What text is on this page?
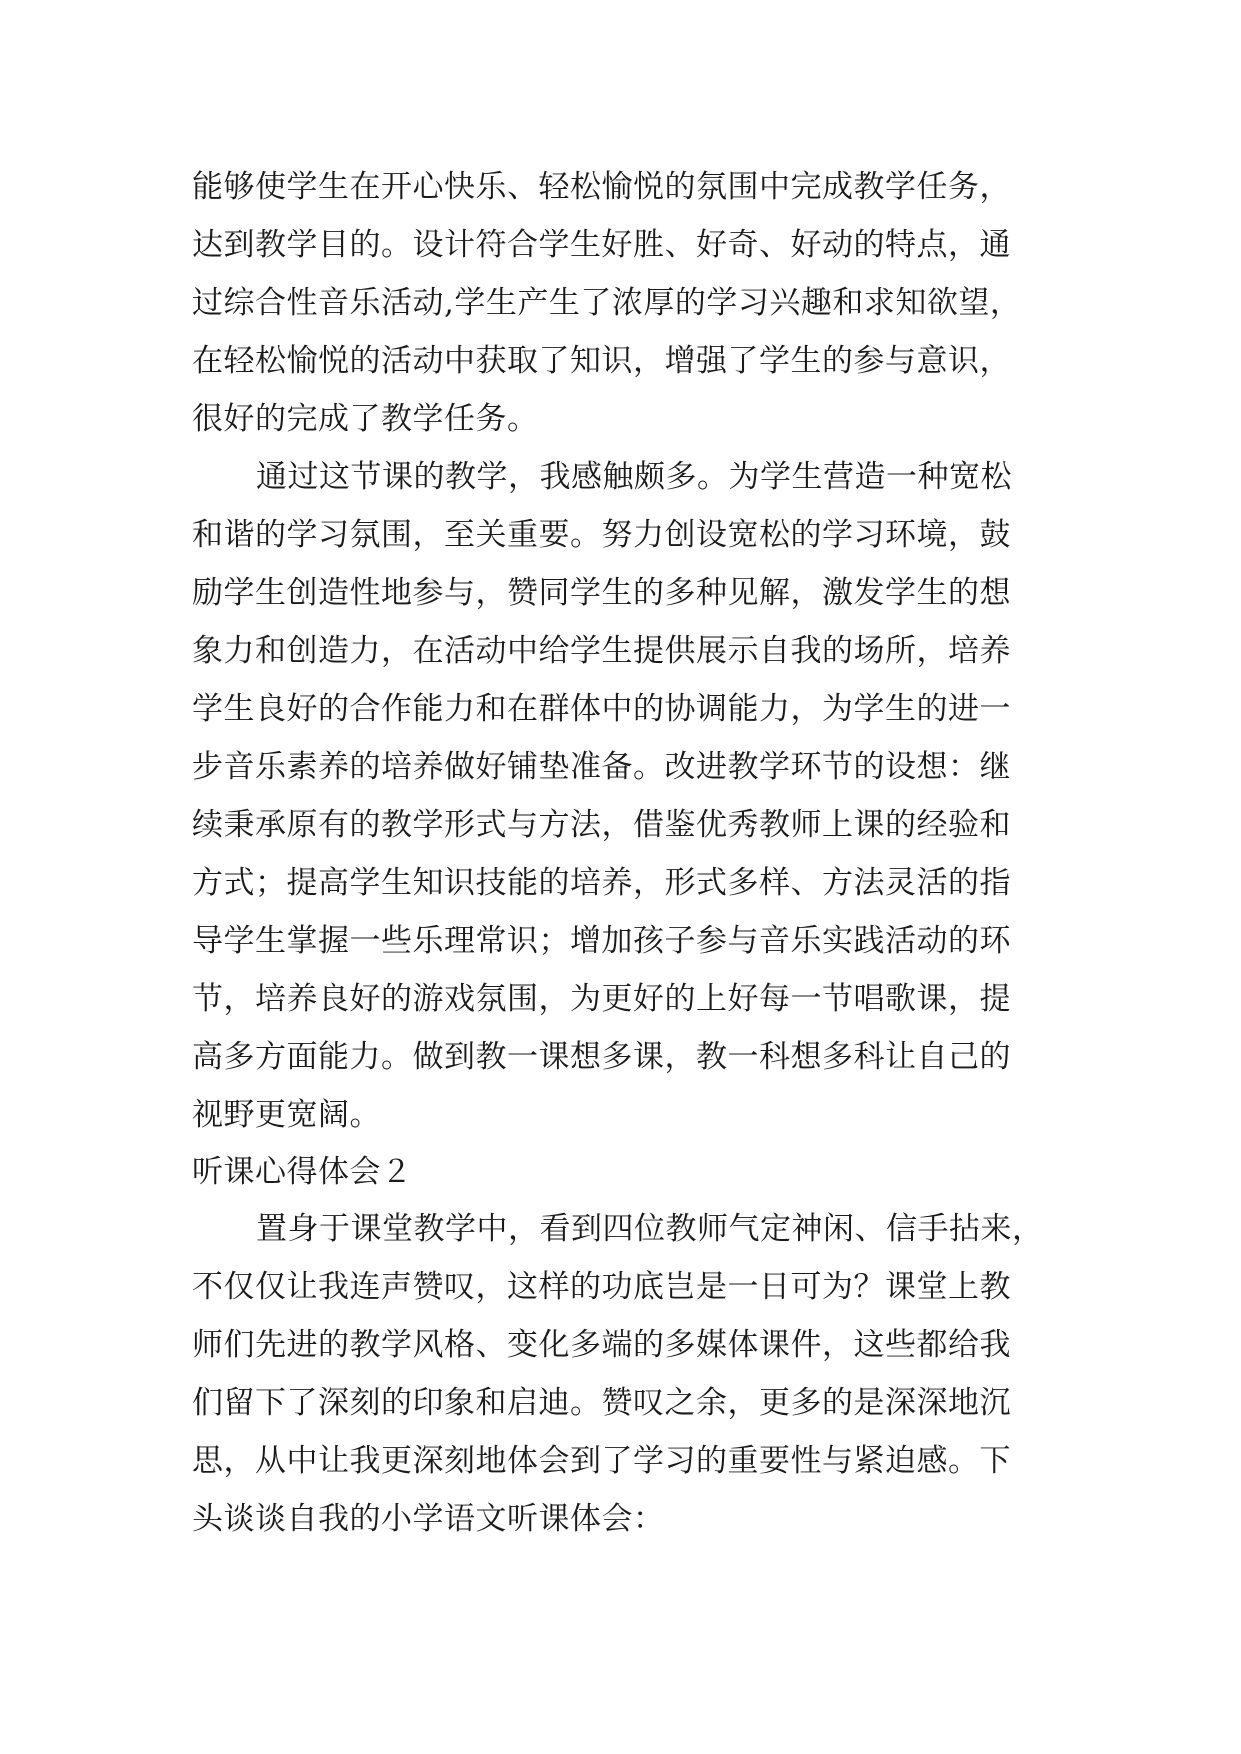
能够使学生在开心快乐、轻松愉悦的氛围中完成教学任务，
达到教学目的。设计符合学生好胜、好奇、好动的特点，通
过综合性音乐活动,学生产生了浓厚的学习兴趣和求知欲望，
在轻松愉悦的活动中获取了知识，增强了学生的参与意识，
很好的完成了教学任务。
通过这节课的教学，我感触颇多。为学生营造一种宽松
和谐的学习氛围，至关重要。努力创设宽松的学习环境，鼓
励学生创造性地参与，赞同学生的多种见解，激发学生的想
象力和创造力，在活动中给学生提供展示自我的场所，培养
学生良好的合作能力和在群体中的协调能力，为学生的进一
步音乐素养的培养做好铺垫准备。改进教学环节的设想：继
续秉承原有的教学形式与方法，借鉴优秀教师上课的经验和
方式；提高学生知识技能的培养，形式多样、方法灵活的指
导学生掌握一些乐理常识；增加孩子参与音乐实践活动的环
节，培养良好的游戏氛围，为更好的上好每一节唱歌课，提
高多方面能力。做到教一课想多课，教一科想多科让自己的
视野更宽阔。
听课心得体会２
置身于课堂教学中，看到四位教师气定神闲、信手拈来，
不仅仅让我连声赞叹，这样的功底岂是一日可为？课堂上教
师们先进的教学风格、变化多端的多媒体课件，这些都给我
们留下了深刻的印象和启迪。赞叹之余，更多的是深深地沉
思，从中让我更深刻地体会到了学习的重要性与紧迫感。下
头谈谈自我的小学语文听课体会：
